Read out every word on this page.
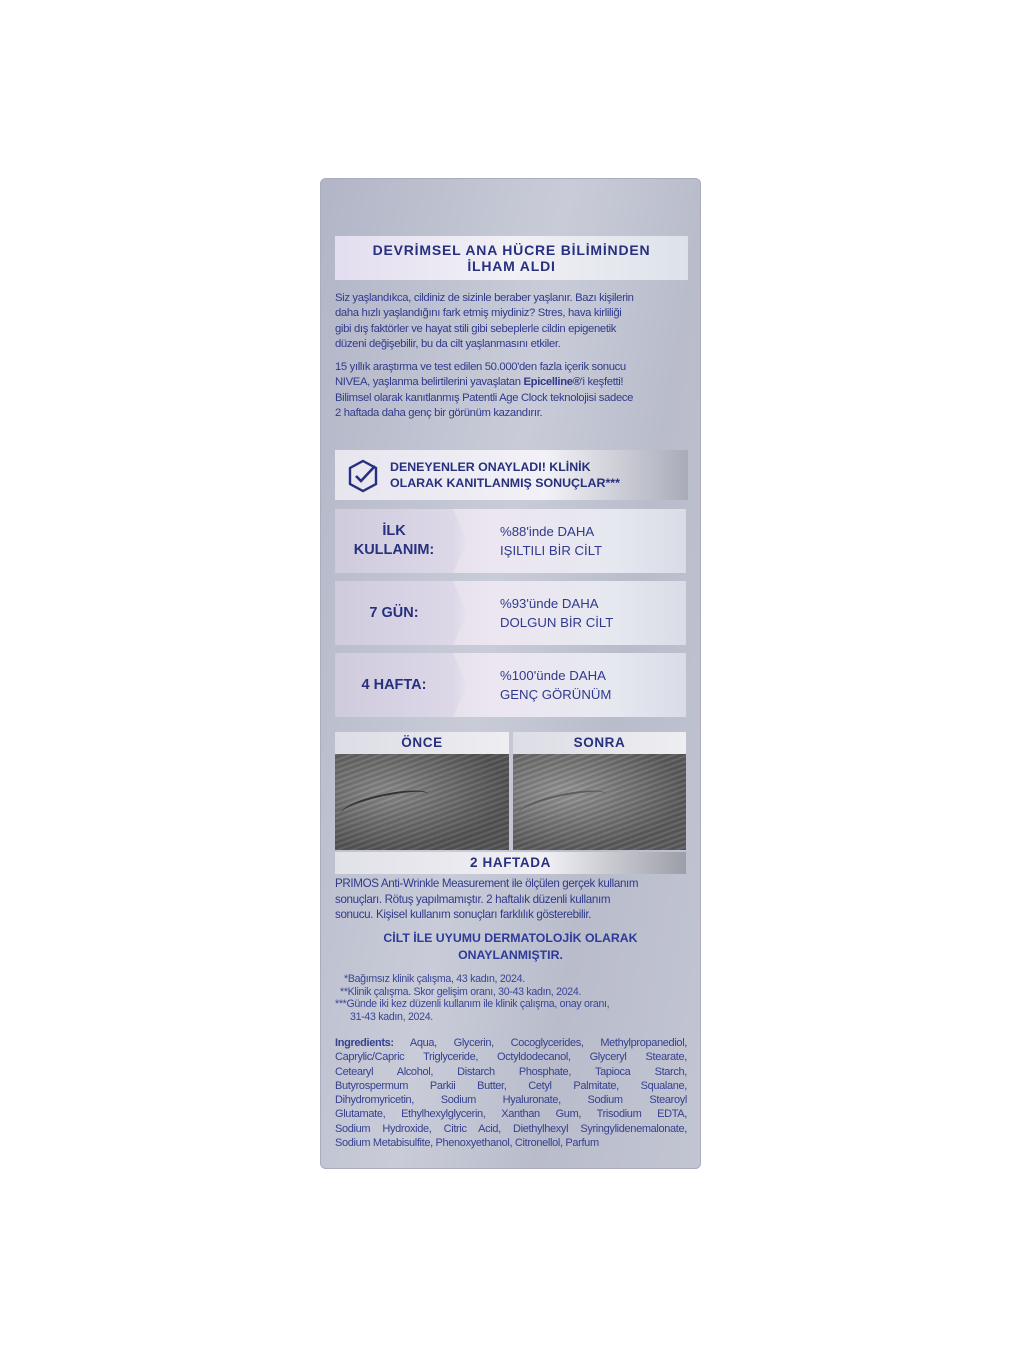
DEVRİMSEL ANA HÜCRE BİLİMİNDEN
İLHAM ALDI
Siz yaşlandıkca, cildiniz de sizinle beraber yaşlanır. Bazı kişilerin
daha hızlı yaşlandığını fark etmiş miydiniz? Stres, hava kirliliği
gibi dış faktörler ve hayat stili gibi sebeplerle cildin epigenetik
düzeni değişebilir, bu da cilt yaşlanmasını etkiler.
15 yıllık araştırma ve test edilen 50.000'den fazla içerik sonucu
NIVEA, yaşlanma belirtilerini yavaşlatan Epicelline®'i keşfetti!
Bilimsel olarak kanıtlanmış Patentli Age Clock teknolojisi sadece
2 haftada daha genç bir görünüm kazandırır.
DENEYENLER ONAYLADI! KLİNİK
OLARAK KANITLANMIŞ SONUÇLAR***
İLK
KULLANIM:
%88'inde DAHA
IŞILTILI BİR CİLT
7 GÜN:
%93'ünde DAHA
DOLGUN BİR CİLT
4 HAFTA:
%100'ünde DAHA
GENÇ GÖRÜNÜM
ÖNCE	SONRA
2 HAFTADA
PRIMOS Anti-Wrinkle Measurement ile ölçülen gerçek kullanım
sonuçları. Rötuş yapılmamıştır. 2 haftalık düzenli kullanım
sonucu. Kişisel kullanım sonuçları farklılık gösterebilir.
CİLT İLE UYUMU DERMATOLOJİK OLARAK
ONAYLANMIŞTIR.
*Bağımsız klinik çalışma, 43 kadın, 2024.
**Klinik çalışma. Skor gelişim oranı, 30-43 kadın, 2024.
***Günde iki kez düzenli kullanım ile klinik çalışma, onay oranı,
31-43 kadın, 2024.
Ingredients: Aqua, Glycerin, Cocoglycerides, Methylpropanediol,
Caprylic/Capric Triglyceride, Octyldodecanol, Glyceryl Stearate,
Cetearyl Alcohol, Distarch Phosphate, Tapioca Starch,
Butyrospermum Parkii Butter, Cetyl Palmitate, Squalane,
Dihydromyricetin, Sodium Hyaluronate, Sodium Stearoyl
Glutamate, Ethylhexylglycerin, Xanthan Gum, Trisodium EDTA,
Sodium Hydroxide, Citric Acid, Diethylhexyl Syringylidenemalonate,
Sodium Metabisulfite, Phenoxyethanol, Citronellol, Parfum
